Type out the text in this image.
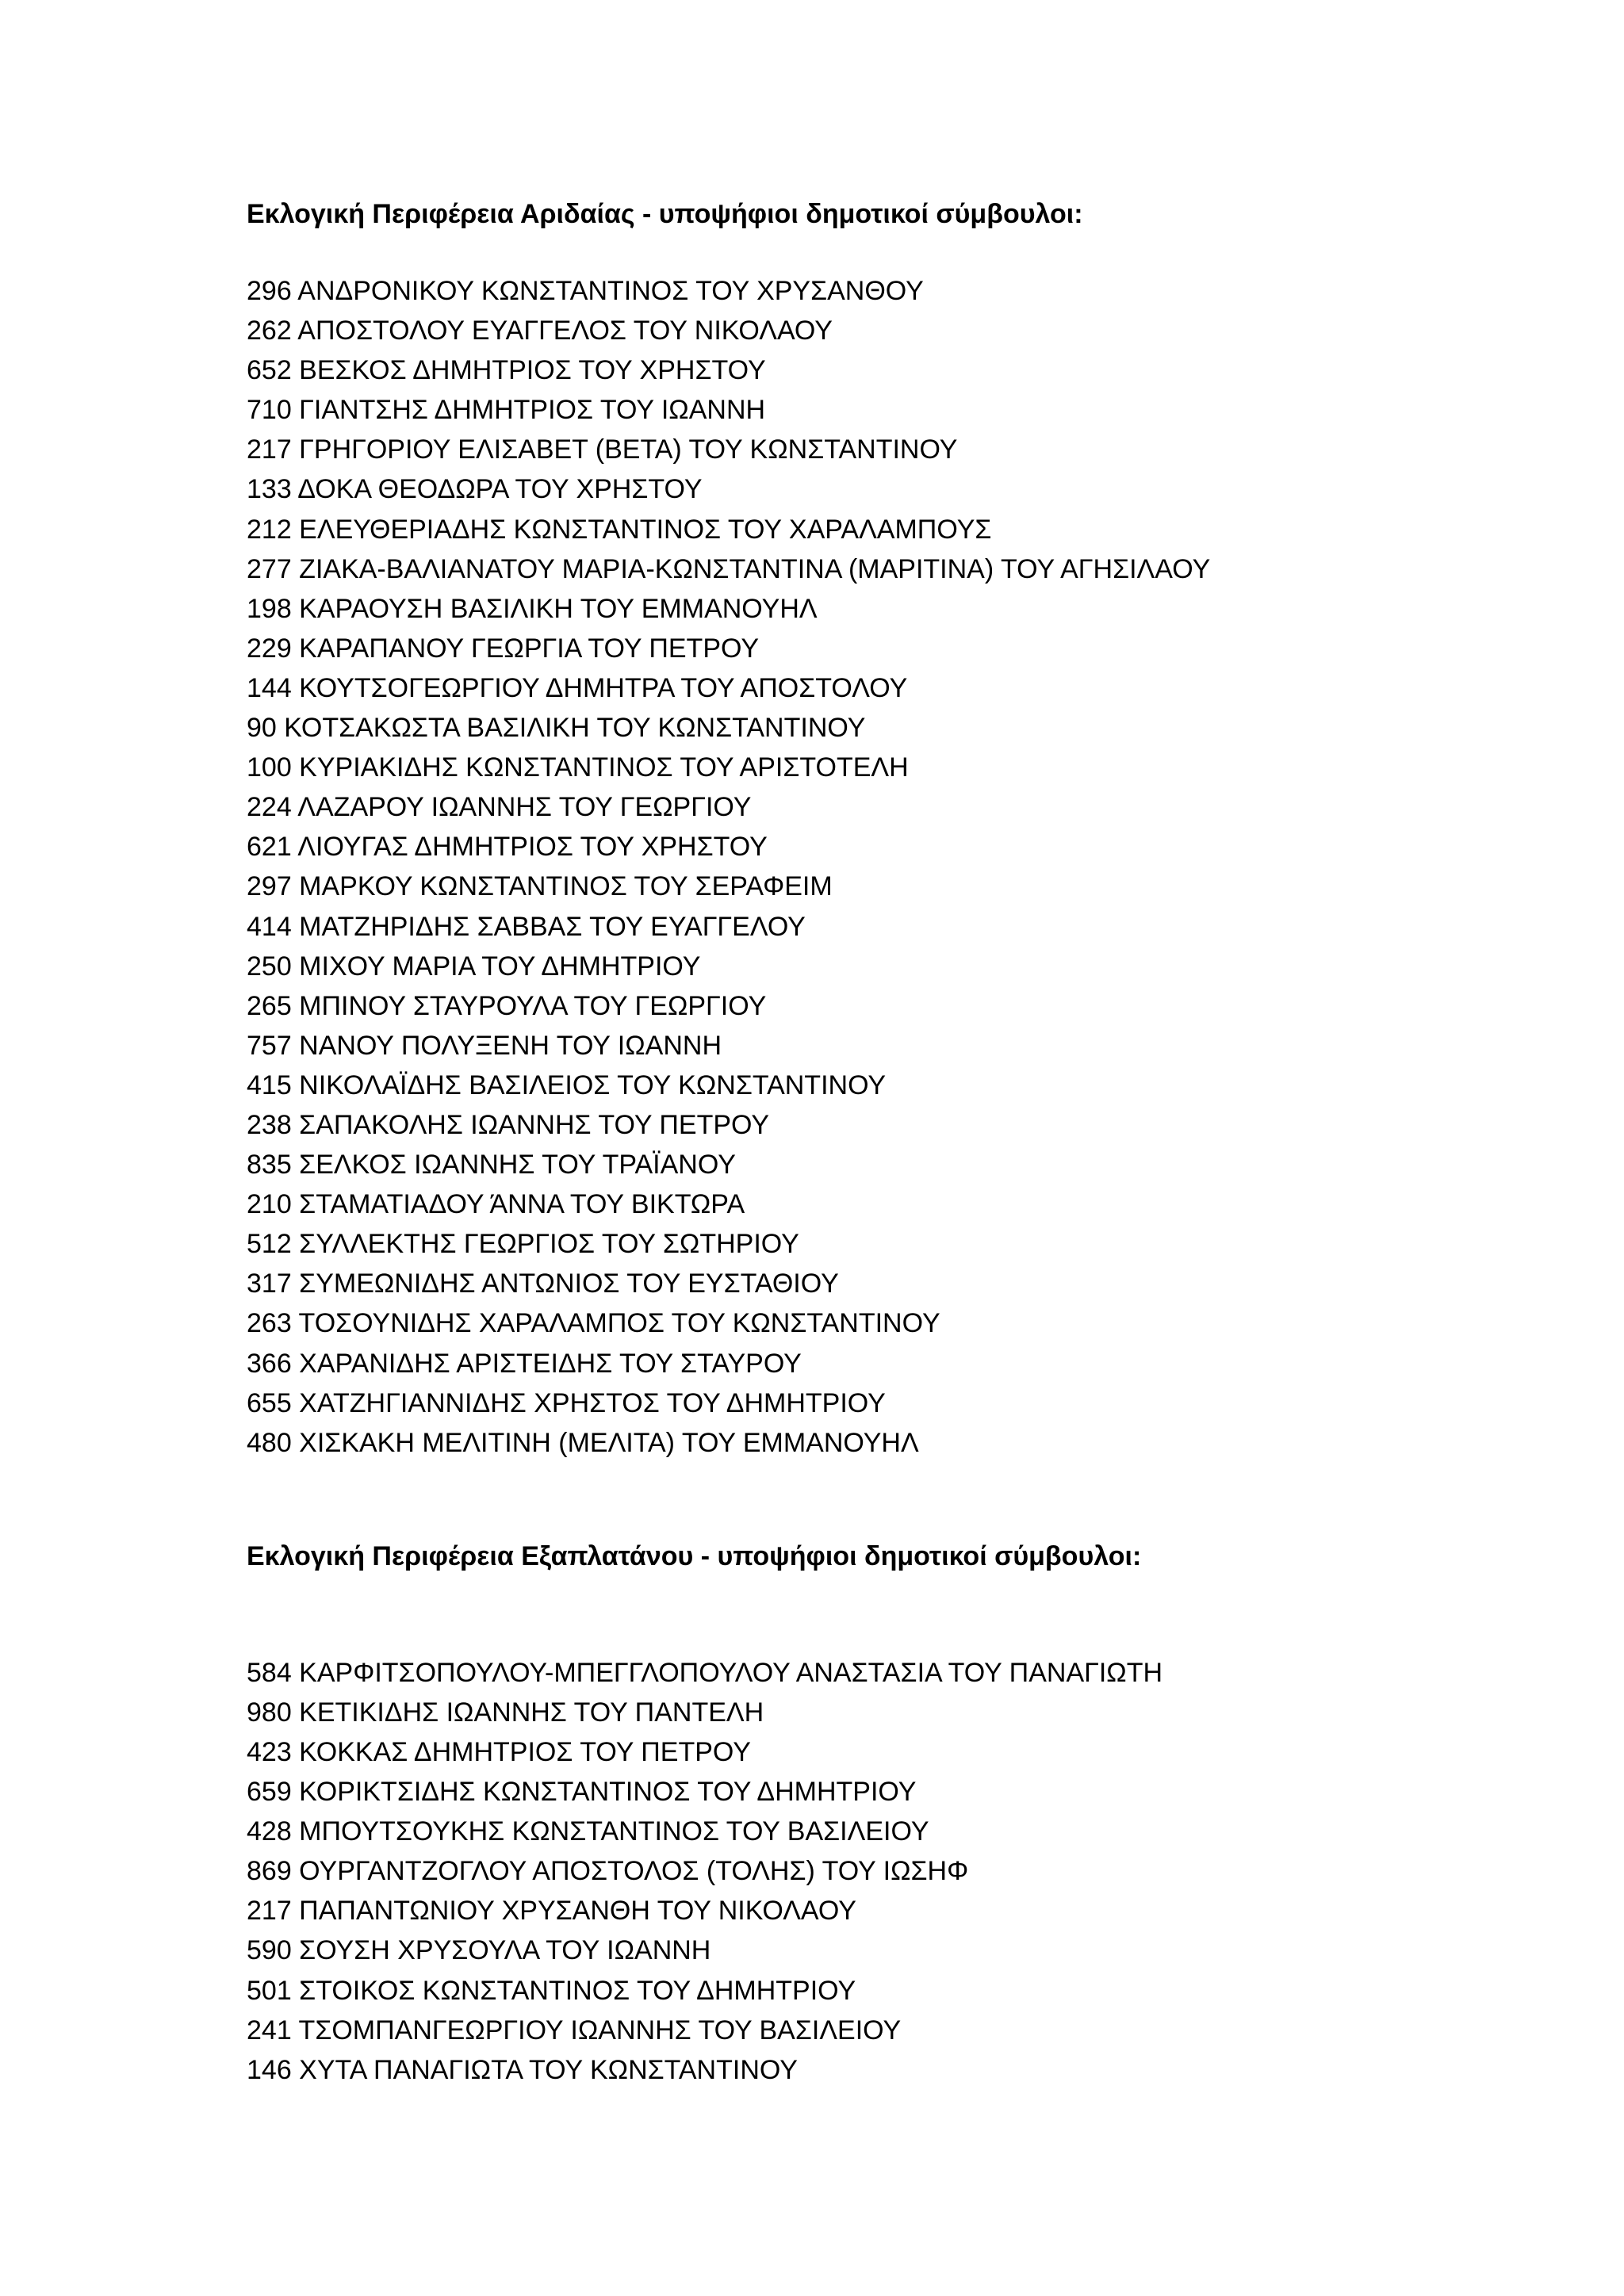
Εκλογική Περιφέρεια Αριδαίας - υποψήφιοι δημοτικοί σύμβουλοι:
296 ΑΝΔΡΟΝΙΚΟΥ ΚΩΝΣΤΑΝΤΙΝΟΣ ΤΟΥ ΧΡΥΣΑΝΘΟΥ
262 ΑΠΟΣΤΟΛΟΥ ΕΥΑΓΓΕΛΟΣ ΤΟΥ ΝΙΚΟΛΑΟΥ
652 ΒΕΣΚΟΣ ΔΗΜΗΤΡΙΟΣ ΤΟΥ ΧΡΗΣΤΟΥ
710 ΓΙΑΝΤΣΗΣ ΔΗΜΗΤΡΙΟΣ ΤΟΥ ΙΩΑΝΝΗ
217 ΓΡΗΓΟΡΙΟΥ ΕΛΙΣΑΒΕΤ (ΒΕΤΑ) ΤΟΥ ΚΩΝΣΤΑΝΤΙΝΟΥ
133 ΔΟΚΑ ΘΕΟΔΩΡΑ ΤΟΥ ΧΡΗΣΤΟΥ
212 ΕΛΕΥΘΕΡΙΑΔΗΣ ΚΩΝΣΤΑΝΤΙΝΟΣ ΤΟΥ ΧΑΡΑΛΑΜΠΟΥΣ
277 ΖΙΑΚΑ-ΒΑΛΙΑΝΑΤΟΥ ΜΑΡΙΑ-ΚΩΝΣΤΑΝΤΙΝΑ (ΜΑΡΙΤΙΝΑ) ΤΟΥ ΑΓΗΣΙΛΑΟΥ
198 ΚΑΡΑΟΥΣΗ ΒΑΣΙΛΙΚΗ ΤΟΥ ΕΜΜΑΝΟΥΗΛ
229 ΚΑΡΑΠΑΝΟΥ ΓΕΩΡΓΙΑ ΤΟΥ ΠΕΤΡΟΥ
144 ΚΟΥΤΣΟΓΕΩΡΓΙΟΥ ΔΗΜΗΤΡΑ ΤΟΥ ΑΠΟΣΤΟΛΟΥ
90 ΚΟΤΣΑΚΩΣΤΑ ΒΑΣΙΛΙΚΗ ΤΟΥ ΚΩΝΣΤΑΝΤΙΝΟΥ
100 ΚΥΡΙΑΚΙΔΗΣ ΚΩΝΣΤΑΝΤΙΝΟΣ ΤΟΥ ΑΡΙΣΤΟΤΕΛΗ
224 ΛΑΖΑΡΟΥ ΙΩΑΝΝΗΣ ΤΟΥ ΓΕΩΡΓΙΟΥ
621 ΛΙΟΥΓΑΣ ΔΗΜΗΤΡΙΟΣ ΤΟΥ ΧΡΗΣΤΟΥ
297 ΜΑΡΚΟΥ ΚΩΝΣΤΑΝΤΙΝΟΣ ΤΟΥ ΣΕΡΑΦΕΙΜ
414 ΜΑΤΖΗΡΙΔΗΣ ΣΑΒΒΑΣ ΤΟΥ ΕΥΑΓΓΕΛΟΥ
250 ΜΙΧΟΥ ΜΑΡΙΑ ΤΟΥ ΔΗΜΗΤΡΙΟΥ
265 ΜΠΙΝΟΥ ΣΤΑΥΡΟΥΛΑ ΤΟΥ ΓΕΩΡΓΙΟΥ
757 ΝΑΝΟΥ ΠΟΛΥΞΕΝΗ ΤΟΥ ΙΩΑΝΝΗ
415 ΝΙΚΟΛΑΪΔΗΣ ΒΑΣΙΛΕΙΟΣ ΤΟΥ ΚΩΝΣΤΑΝΤΙΝΟΥ
238 ΣΑΠΑΚΟΛΗΣ ΙΩΑΝΝΗΣ ΤΟΥ ΠΕΤΡΟΥ
835 ΣΕΛΚΟΣ ΙΩΑΝΝΗΣ ΤΟΥ ΤΡΑΪΑΝΟΥ
210 ΣΤΑΜΑΤΙΑΔΟΥ ΆΝΝΑ ΤΟΥ ΒΙΚΤΩΡΑ
512 ΣΥΛΛΕΚΤΗΣ ΓΕΩΡΓΙΟΣ ΤΟΥ ΣΩΤΗΡΙΟΥ
317 ΣΥΜΕΩΝΙΔΗΣ ΑΝΤΩΝΙΟΣ ΤΟΥ ΕΥΣΤΑΘΙΟΥ
263 ΤΟΣΟΥΝΙΔΗΣ ΧΑΡΑΛΑΜΠΟΣ ΤΟΥ ΚΩΝΣΤΑΝΤΙΝΟΥ
366 ΧΑΡΑΝΙΔΗΣ ΑΡΙΣΤΕΙΔΗΣ ΤΟΥ ΣΤΑΥΡΟΥ
655 ΧΑΤΖΗΓΙΑΝΝΙΔΗΣ ΧΡΗΣΤΟΣ ΤΟΥ ΔΗΜΗΤΡΙΟΥ
480 ΧΙΣΚΑΚΗ ΜΕΛΙΤΙΝΗ (ΜΕΛΙΤΑ) ΤΟΥ ΕΜΜΑΝΟΥΗΛ
Εκλογική Περιφέρεια Εξαπλατάνου - υποψήφιοι δημοτικοί σύμβουλοι:
584 ΚΑΡΦΙΤΣΟΠΟΥΛΟΥ-ΜΠΕΓΓΛΟΠΟΥΛΟΥ ΑΝΑΣΤΑΣΙΑ ΤΟΥ ΠΑΝΑΓΙΩΤΗ
980 ΚΕΤΙΚΙΔΗΣ ΙΩΑΝΝΗΣ ΤΟΥ ΠΑΝΤΕΛΗ
423 ΚΟΚΚΑΣ ΔΗΜΗΤΡΙΟΣ ΤΟΥ ΠΕΤΡΟΥ
659 ΚΟΡΙΚΤΣΙΔΗΣ ΚΩΝΣΤΑΝΤΙΝΟΣ ΤΟΥ ΔΗΜΗΤΡΙΟΥ
428 ΜΠΟΥΤΣΟΥΚΗΣ ΚΩΝΣΤΑΝΤΙΝΟΣ ΤΟΥ ΒΑΣΙΛΕΙΟΥ
869 ΟΥΡΓΑΝΤΖΟΓΛΟΥ ΑΠΟΣΤΟΛΟΣ (ΤΟΛΗΣ) ΤΟΥ ΙΩΣΗΦ
217 ΠΑΠΑΝΤΩΝΙΟΥ ΧΡΥΣΑΝΘΗ ΤΟΥ ΝΙΚΟΛΑΟΥ
590 ΣΟΥΣΗ ΧΡΥΣΟΥΛΑ ΤΟΥ ΙΩΑΝΝΗ
501 ΣΤΟΙΚΟΣ ΚΩΝΣΤΑΝΤΙΝΟΣ ΤΟΥ ΔΗΜΗΤΡΙΟΥ
241 ΤΣΟΜΠΑΝΓΕΩΡΓΙΟΥ ΙΩΑΝΝΗΣ ΤΟΥ ΒΑΣΙΛΕΙΟΥ
146 ΧΥΤΑ ΠΑΝΑΓΙΩΤΑ ΤΟΥ ΚΩΝΣΤΑΝΤΙΝΟΥ
